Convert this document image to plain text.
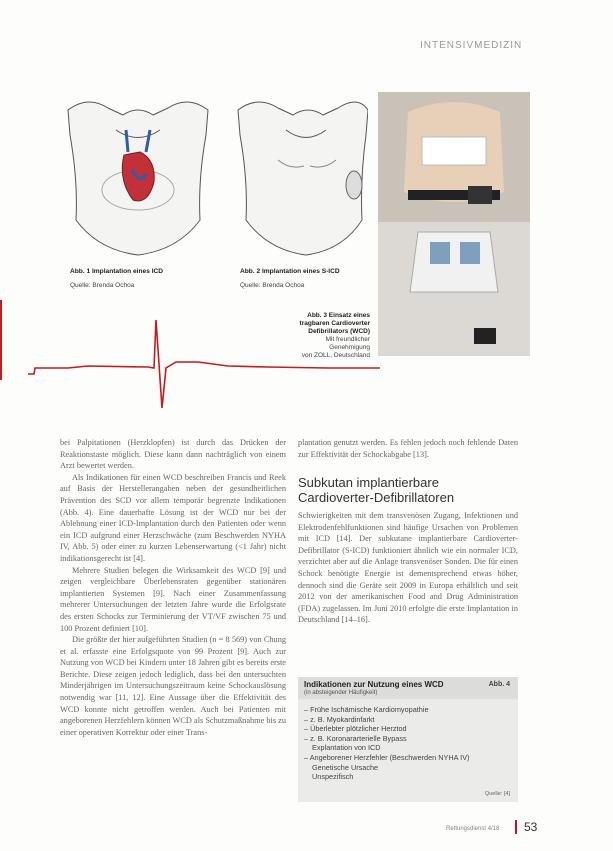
INTENSIVMEDIZIN
Abb. 1 Implantation eines ICD	Abb. 2 Implantation eines S-ICD
Quelle: Brenda Ochoa	Quelle: Brenda Ochoa
Abb. 3 Einsatz eines
tragbaren Cardioverter
Defibrillators (WCD)
Mit freundlicher Genehmigung
von ZOLL, Deutschland

bei Palpitationen (Herzklopfen) ist durch das Drücken der Reaktionstaste möglich. Diese kann dann nachträglich von einem Arzt bewertet werden.

Als Indikationen für einen WCD beschreiben Francis und Reek auf Basis der Herstellerangaben neben der gesundheitlichen Prävention des SCD vor allem temporär begrenzte Indikationen (Abb. 4). Eine dauerhafte Lösung ist der WCD nur bei der Ablehnung einer ICD-Implantation durch den Patienten oder wenn ein ICD aufgrund einer Herzschwäche (zum Beschwerden NYHA IV, Abb. 5) oder einer zu kurzen Lebenserwartung (<1 Jahr) nicht indikationsgerecht ist [4].

Mehrere Studien belegen die Wirksamkeit des WCD [9] und zeigen vergleichbare Überlebensraten gegenüber stationären implantierten Systemen [9]. Nach einer Zusammenfassung mehrerer Untersuchungen der letzten Jahre wurde die Erfolgsrate des ersten Schocks zur Terminierung der VT/VF zwischen 75 und 100 Prozent definiert [10].

Die größte der hier aufgeführten Studien (n = 8 569) von Chung et al. erfasste eine Erfolgsquote von 99 Prozent [9]. Auch zur Nutzung von WCD bei Kindern unter 18 Jahren gibt es bereits erste Berichte. Diese zeigen jedoch lediglich, dass bei den untersuchten Minderjährigen im Untersuchungszeitraum keine Schockauslösung notwendig war [11, 12]. Eine Aussage über die Effektivität des WCD konnte nicht getroffen werden. Auch bei Patienten mit angeborenen Herzfehlern können WCD als Schutzmaßnahme bis zu einer operativen Korrektur oder einer Trans-

plantation genutzt werden. Es fehlen jedoch noch fehlende Daten zur Effektivität der Schockabgabe [13].
Subkutan implantierbare
Cardioverter-Defibrillatoren
Schwierigkeiten mit dem transvenösen Zugang, Infektionen und Elektrodenfehlfunktionen sind häufige Ursachen von Problemen mit ICD [14]. Der subkutane implantierbare Cardioverter-Defibrillator (S-ICD) funktioniert ähnlich wie ein normaler ICD, verzichtet aber auf die Anlage transvenöser Sonden. Die für einen Schock benötigte Energie ist dementsprechend etwas höher, dennoch sind die Geräte seit 2009 in Europa erhältlich und seit 2012 von der amerikanischen Food and Drug Administration (FDA) zugelassen. Im Juni 2010 erfolgte die erste Implantation in Deutschland [14–16].
Indikationen zur Nutzung eines WCD
(in absteigender Häufigkeit)
Abb. 4
– Frühe Ischämische Kardiomyopathie
– z. B. Myokardinfarkt
– Überlebter plötzlicher Herztod
– z. B. Koronararterielle Bypass
Explantation von ICD
– Angeborener Herzfehler (Beschwerden NYHA IV)
Genetische Ursache
Unspezifisch
Quelle: [4]
Rettungsdienst 4/18 53
